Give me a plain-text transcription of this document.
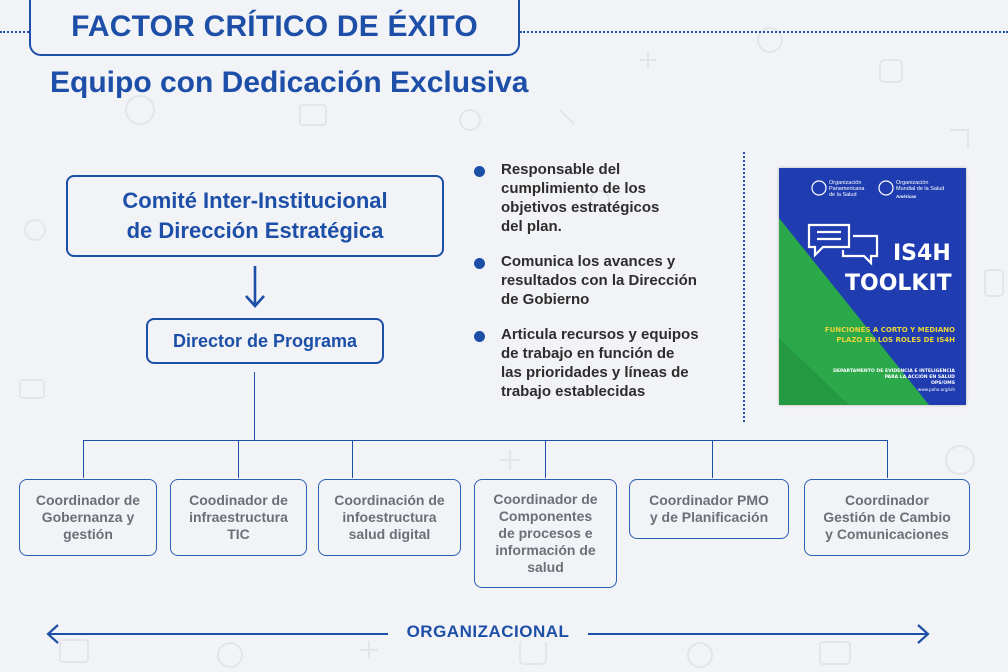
FACTOR CRÍTICO DE ÉXITO
Equipo con Dedicación Exclusiva
Comité Inter-Institucional
de Dirección Estratégica
Director de Programa
Coordinador de
Gobernanza y
gestión
Coodinador de
infraestructura
TIC
Coordinación de
infoestructura
salud digital
Coordinador de
Componentes
de procesos e
información de
salud
Coordinador PMO
y de Planificación
Coordinador
Gestión de Cambio
y Comunicaciones
Responsable del
cumplimiento de los
objetivos estratégicos
del plan.
Comunica los avances y
resultados con la Dirección
de Gobierno
Articula recursos y equipos
de trabajo en función de
las prioridades y líneas de
trabajo establecidas
Organización
Panamericana
de la Salud
Organización
Mundial de la Salud
Américas
IS4H
TOOLKIT
FUNCIONES A CORTO Y MEDIANO
PLAZO EN LOS ROLES DE IS4H
DEPARTAMENTO DE EVIDENCIA E INTELIGENCIA
PARA LA ACCIÓN EN SALUD
OPS/OMS
www.paho.org/ish
ORGANIZACIONAL
